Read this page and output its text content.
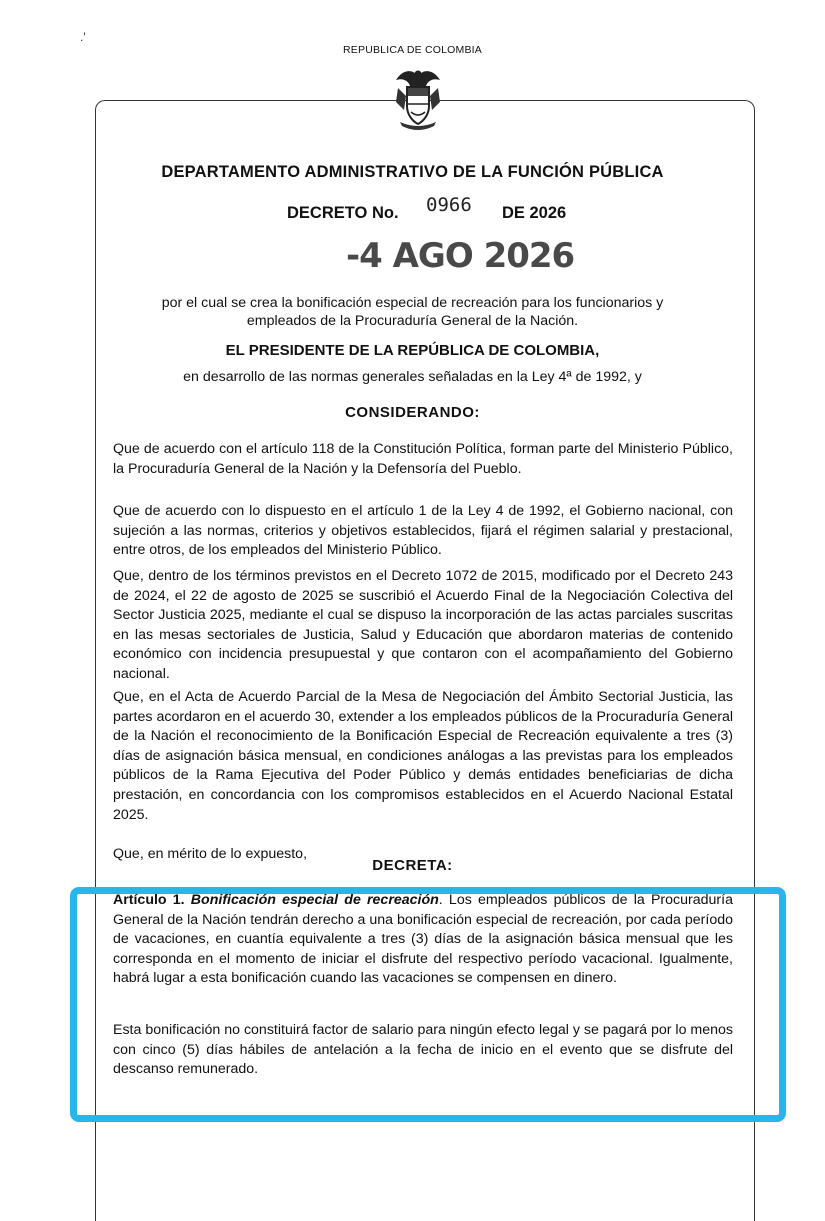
.'
REPUBLICA DE COLOMBIA
DEPARTAMENTO ADMINISTRATIVO DE LA FUNCIÓN PÚBLICA
DECRETO No. 0966 DE 2026
-4 AGO 2026
por el cual se crea la bonificación especial de recreación para los funcionarios y
empleados de la Procuraduría General de la Nación.
EL PRESIDENTE DE LA REPÚBLICA DE COLOMBIA,
en desarrollo de las normas generales señaladas en la Ley 4ª de 1992, y
CONSIDERANDO:
Que de acuerdo con el artículo 118 de la Constitución Política, forman parte del Ministerio Público, la Procuraduría General de la Nación y la Defensoría del Pueblo.
Que de acuerdo con lo dispuesto en el artículo 1 de la Ley 4 de 1992, el Gobierno nacional, con sujeción a las normas, criterios y objetivos establecidos, fijará el régimen salarial y prestacional, entre otros, de los empleados del Ministerio Público.
Que, dentro de los términos previstos en el Decreto 1072 de 2015, modificado por el Decreto 243 de 2024, el 22 de agosto de 2025 se suscribió el Acuerdo Final de la Negociación Colectiva del Sector Justicia 2025, mediante el cual se dispuso la incorporación de las actas parciales suscritas en las mesas sectoriales de Justicia, Salud y Educación que abordaron materias de contenido económico con incidencia presupuestal y que contaron con el acompañamiento del Gobierno nacional.
Que, en el Acta de Acuerdo Parcial de la Mesa de Negociación del Ámbito Sectorial Justicia, las partes acordaron en el acuerdo 30, extender a los empleados públicos de la Procuraduría General de la Nación el reconocimiento de la Bonificación Especial de Recreación equivalente a tres (3) días de asignación básica mensual, en condiciones análogas a las previstas para los empleados públicos de la Rama Ejecutiva del Poder Público y demás entidades beneficiarias de dicha prestación, en concordancia con los compromisos establecidos en el Acuerdo Nacional Estatal 2025.
Que, en mérito de lo expuesto,
DECRETA:
Artículo 1. Bonificación especial de recreación. Los empleados públicos de la Procuraduría General de la Nación tendrán derecho a una bonificación especial de recreación, por cada período de vacaciones, en cuantía equivalente a tres (3) días de la asignación básica mensual que les corresponda en el momento de iniciar el disfrute del respectivo período vacacional. Igualmente, habrá lugar a esta bonificación cuando las vacaciones se compensen en dinero.
Esta bonificación no constituirá factor de salario para ningún efecto legal y se pagará por lo menos con cinco (5) días hábiles de antelación a la fecha de inicio en el evento que se disfrute del descanso remunerado.
